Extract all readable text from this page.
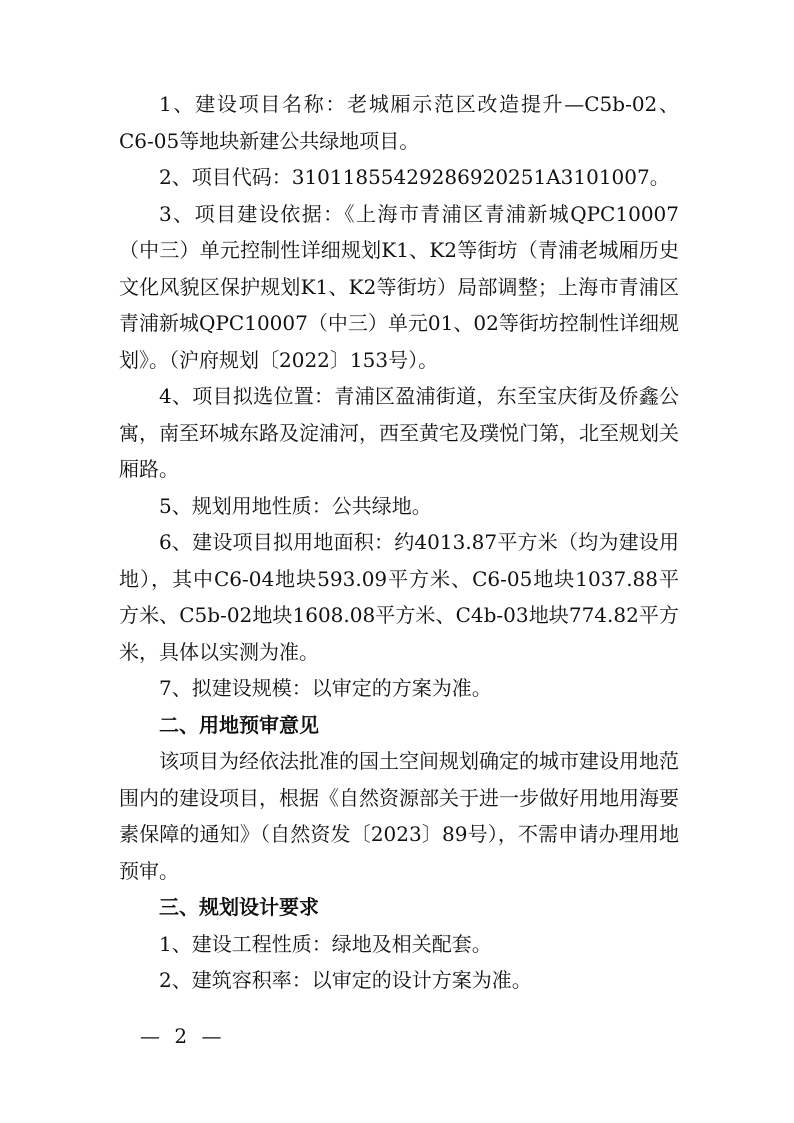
1、建设项目名称：老城厢示范区改造提升—C5b-02、C6-05等地块新建公共绿地项目。

2、项目代码：31011855429286920251A3101007。

3、项目建设依据：《上海市青浦区青浦新城QPC10007（中三）单元控制性详细规划K1、K2等街坊（青浦老城厢历史文化风貌区保护规划K1、K2等街坊）局部调整；上海市青浦区青浦新城QPC10007（中三）单元01、02等街坊控制性详细规划》。（沪府规划〔2022〕153号）。

4、项目拟选位置：青浦区盈浦街道，东至宝庆街及侨鑫公寓，南至环城东路及淀浦河，西至黄宅及璞悦门第，北至规划关厢路。

5、规划用地性质：公共绿地。

6、建设项目拟用地面积：约4013.87平方米（均为建设用地），其中C6-04地块593.09平方米、C6-05地块1037.88平方米、C5b-02地块1608.08平方米、C4b-03地块774.82平方米，具体以实测为准。

7、拟建设规模：以审定的方案为准。

二、用地预审意见

该项目为经依法批准的国土空间规划确定的城市建设用地范围内的建设项目，根据《自然资源部关于进一步做好用地用海要素保障的通知》（自然资发〔2023〕89号），不需申请办理用地预审。

三、规划设计要求

1、建设工程性质：绿地及相关配套。

2、建筑容积率：以审定的设计方案为准。

— 2 —
